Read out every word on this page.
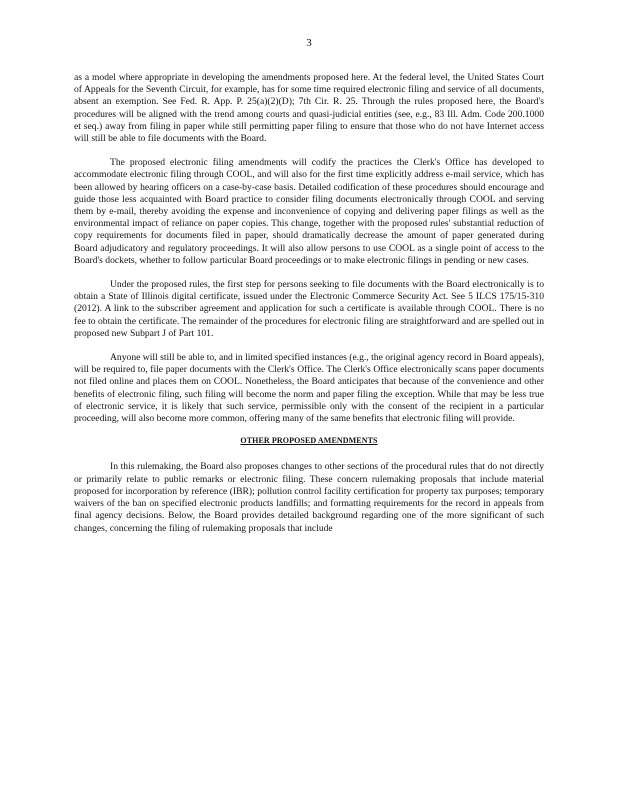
3

as a model where appropriate in developing the amendments proposed here. At the federal level, the United States Court of Appeals for the Seventh Circuit, for example, has for some time required electronic filing and service of all documents, absent an exemption. See Fed. R. App. P. 25(a)(2)(D); 7th Cir. R. 25. Through the rules proposed here, the Board's procedures will be aligned with the trend among courts and quasi-judicial entities (see, e.g., 83 Ill. Adm. Code 200.1000 et seq.) away from filing in paper while still permitting paper filing to ensure that those who do not have Internet access will still be able to file documents with the Board.

The proposed electronic filing amendments will codify the practices the Clerk's Office has developed to accommodate electronic filing through COOL, and will also for the first time explicitly address e-mail service, which has been allowed by hearing officers on a case-by-case basis. Detailed codification of these procedures should encourage and guide those less acquainted with Board practice to consider filing documents electronically through COOL and serving them by e-mail, thereby avoiding the expense and inconvenience of copying and delivering paper filings as well as the environmental impact of reliance on paper copies. This change, together with the proposed rules' substantial reduction of copy requirements for documents filed in paper, should dramatically decrease the amount of paper generated during Board adjudicatory and regulatory proceedings. It will also allow persons to use COOL as a single point of access to the Board's dockets, whether to follow particular Board proceedings or to make electronic filings in pending or new cases.

Under the proposed rules, the first step for persons seeking to file documents with the Board electronically is to obtain a State of Illinois digital certificate, issued under the Electronic Commerce Security Act. See 5 ILCS 175/15-310 (2012). A link to the subscriber agreement and application for such a certificate is available through COOL. There is no fee to obtain the certificate. The remainder of the procedures for electronic filing are straightforward and are spelled out in proposed new Subpart J of Part 101.

Anyone will still be able to, and in limited specified instances (e.g., the original agency record in Board appeals), will be required to, file paper documents with the Clerk's Office. The Clerk's Office electronically scans paper documents not filed online and places them on COOL. Nonetheless, the Board anticipates that because of the convenience and other benefits of electronic filing, such filing will become the norm and paper filing the exception. While that may be less true of electronic service, it is likely that such service, permissible only with the consent of the recipient in a particular proceeding, will also become more common, offering many of the same benefits that electronic filing will provide.

OTHER PROPOSED AMENDMENTS

In this rulemaking, the Board also proposes changes to other sections of the procedural rules that do not directly or primarily relate to public remarks or electronic filing. These concern rulemaking proposals that include material proposed for incorporation by reference (IBR); pollution control facility certification for property tax purposes; temporary waivers of the ban on specified electronic products landfills; and formatting requirements for the record in appeals from final agency decisions. Below, the Board provides detailed background regarding one of the more significant of such changes, concerning the filing of rulemaking proposals that include
